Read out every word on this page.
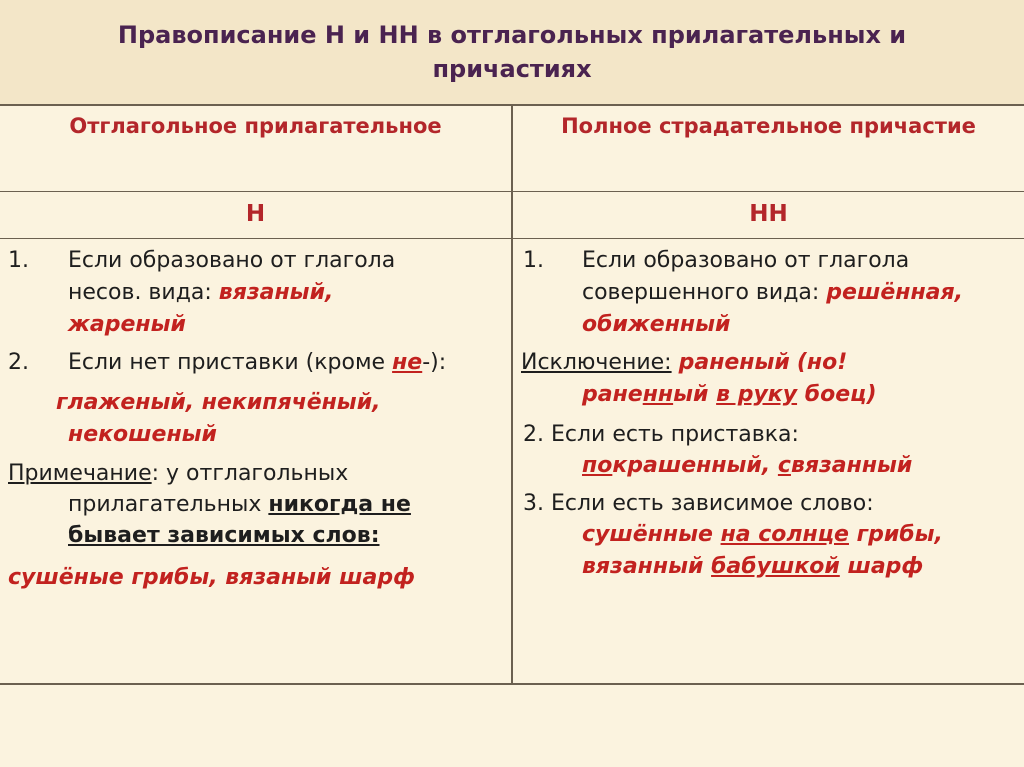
Правописание Н и НН в отглагольных прилагательных и причастиях
Отглагольное прилагательное	Полное страдательное причастие
Н	НН
1. Если образовано от глагола
несов. вида: вязаный,
жареный
2. Если нет приставки (кроме не-):
глаженый, некипячёный,
некошеный
Примечание: у отглагольных
прилагательных никогда не
бывает зависимых слов:
сушёные грибы, вязаный шарф
1. Если образовано от глагола
совершенного вида: решённая,
обиженный
Исключение: раненый (но!
раненный в руку боец)
2. Если есть приставка:
покрашенный, связанный
3. Если есть зависимое слово:
сушённые на солнце грибы,
вязанный бабушкой шарф
